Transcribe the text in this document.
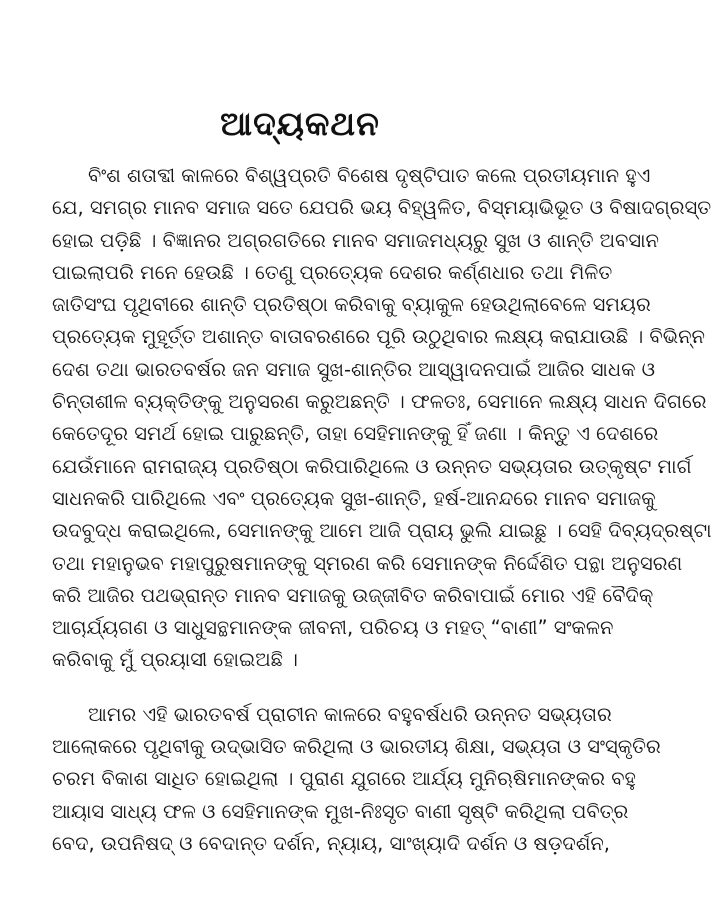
ଆଦ୍ୟକଥନ
ବିଂଶ ଶତାବ୍ଦୀ କାଳରେ ବିଶ୍ୱପ୍ରତି ବିଶେଷ ଦୃଷ୍ଟିପାତ କଲେ ପ୍ରତୀୟମାନ ହୁଏ
ଯେ, ସମଗ୍ର ମାନବ ସମାଜ ସତେ ଯେପରି ଭୟ ବିହ୍ୱଳିତ, ବିସ୍ମୟାଭିଭୂତ ଓ ବିଷାଦଗ୍ରସ୍ତ
ହୋଇ ପଡ଼ିଛି । ବିଜ୍ଞାନର ଅଗ୍ରଗତିରେ ମାନବ ସମାଜମଧ୍ୟରୁ ସୁଖ ଓ ଶାନ୍ତି ଅବସାନ
ପାଇଲାପରି ମନେ ହେଉଛି । ତେଣୁ ପ୍ରତ୍ୟେକ ଦେଶର କର୍ଣ୍ଣଧାର ତଥା ମିଳିତ
ଜାତିସଂଘ ପୃଥିବୀରେ ଶାନ୍ତି ପ୍ରତିଷ୍ଠା କରିବାକୁ ବ୍ୟାକୁଳ ହେଉଥିଲାବେଳେ ସମୟର
ପ୍ରତ୍ୟେକ ମୁହୂର୍ତ୍ତ ଅଶାନ୍ତ ବାତାବରଣରେ ପୂରି ଉଠୁଥିବାର ଲକ୍ଷ୍ୟ କରାଯାଉଛି । ବିଭିନ୍ନ
ଦେଶ ତଥା ଭାରତବର୍ଷର ଜନ ସମାଜ ସୁଖ-ଶାନ୍ତିର ଆସ୍ୱାଦନପାଇଁ ଆଜିର ସାଧକ ଓ
ଚିନ୍ତାଶୀଳ ବ୍ୟକ୍ତିଙ୍କୁ ଅନୁସରଣ କରୁଅଛନ୍ତି । ଫଳତଃ, ସେମାନେ ଲକ୍ଷ୍ୟ ସାଧନ ଦିଗରେ
କେତେଦୂର ସମର୍ଥ ହୋଇ ପାରୁଛନ୍ତି, ତାହା ସେହିମାନଙ୍କୁ ହିଁ ଜଣା । କିନ୍ତୁ ଏ ଦେଶରେ
ଯେଉଁମାନେ ରାମରାଜ୍ୟ ପ୍ରତିଷ୍ଠା କରିପାରିଥିଲେ ଓ ଉନ୍ନତ ସଭ୍ୟତାର ଉତ୍କୃଷ୍ଟ ମାର୍ଗ
ସାଧନକରି ପାରିଥିଲେ ଏବଂ ପ୍ରତ୍ୟେକ ସୁଖ-ଶାନ୍ତି, ହର୍ଷ-ଆନନ୍ଦରେ ମାନବ ସମାଜକୁ
ଉଦବୁଦ୍ଧ କରାଇଥିଲେ, ସେମାନଙ୍କୁ ଆମେ ଆଜି ପ୍ରାୟ ଭୁଲି ଯାଇଛୁ । ସେହି ଦିବ୍ୟଦ୍ରଷ୍ଟା
ତଥା ମହାନୁଭବ ମହାପୁରୁଷମାନଙ୍କୁ ସ୍ମରଣ କରି ସେମାନଙ୍କ ନିର୍ଦ୍ଦେଶିତ ପନ୍ଥା ଅନୁସରଣ
କରି ଆଜିର ପଥଭ୍ରାନ୍ତ ମାନବ ସମାଜକୁ ଉଜ୍ଜୀବିତ କରିବାପାଇଁ ମୋର ଏହି ବୈଦିକ୍
ଆଚାର୍ଯ୍ୟଗଣ ଓ ସାଧୁସନ୍ଥମାନଙ୍କ ଜୀବନୀ, ପରିଚୟ ଓ ମହତ୍ “ବାଣୀ” ସଂକଳନ
କରିବାକୁ ମୁଁ ପ୍ରୟାସୀ ହୋଇଅଛି ।
ଆମର ଏହି ଭାରତବର୍ଷ ପ୍ରାଚୀନ କାଳରେ ବହୁବର୍ଷଧରି ଉନ୍ନତ ସଭ୍ୟତାର
ଆଲୋକରେ ପୃଥିବୀକୁ ଉଦ୍ଭାସିତ କରିଥିଲା ଓ ଭାରତୀୟ ଶିକ୍ଷା, ସଭ୍ୟତା ଓ ସଂସ୍କୃତିର
ଚରମ ବିକାଶ ସାଧିତ ହୋଇଥିଲା । ପୁରାଣ ଯୁଗରେ ଆର୍ଯ୍ୟ ମୁନିଋଷିମାନଙ୍କର ବହୁ
ଆୟାସ ସାଧ୍ୟ ଫଳ ଓ ସେହିମାନଙ୍କ ମୁଖ-ନିଃସୃତ ବାଣୀ ସୃଷ୍ଟି କରିଥିଲା ପବିତ୍ର
ବେଦ, ଉପନିଷଦ୍ ଓ ବେଦାନ୍ତ ଦର୍ଶନ, ନ୍ୟାୟ, ସାଂଖ୍ୟାଦି ଦର୍ଶନ ଓ ଷଡ଼ଦର୍ଶନ,
